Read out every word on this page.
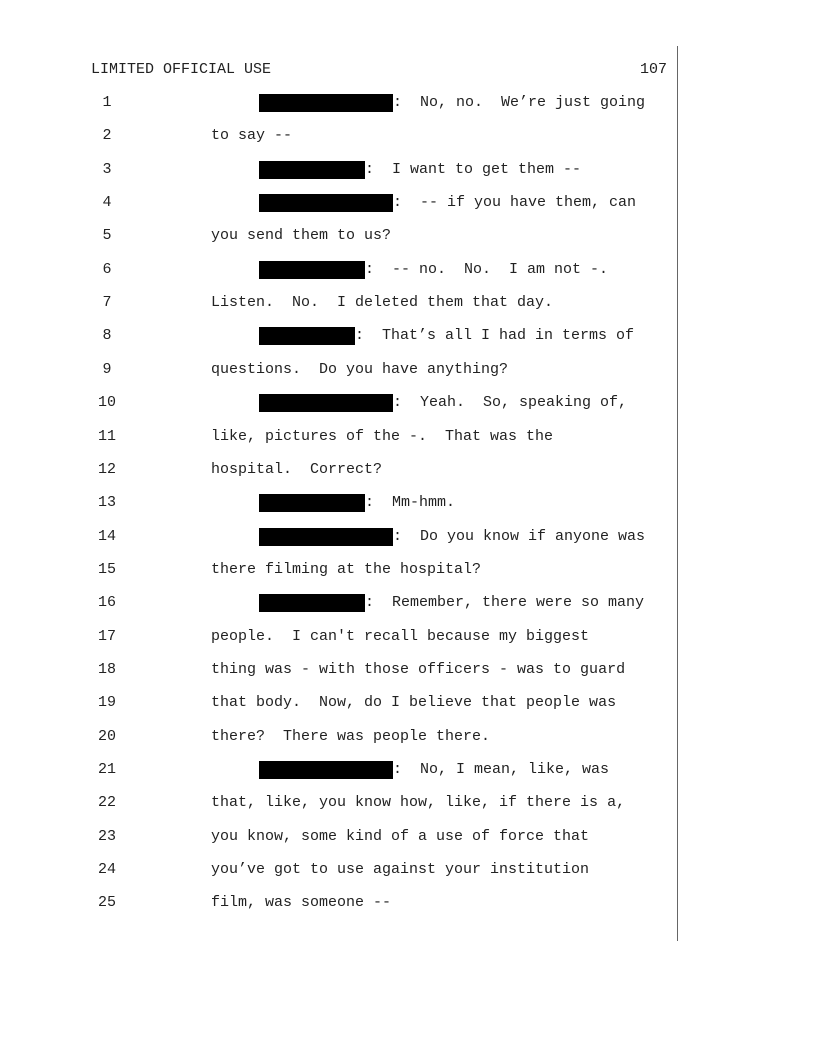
LIMITED OFFICIAL USE	107
1	:  No, no.  We’re just going
2	to say --
3	:  I want to get them --
4	:  -- if you have them, can
5	you send them to us?
6	:  -- no.  No.  I am not -.
7	Listen.  No.  I deleted them that day.
8	:  That’s all I had in terms of
9	questions.  Do you have anything?
10	:  Yeah.  So, speaking of,
11	like, pictures of the -.  That was the
12	hospital.  Correct?
13	:  Mm-hmm.
14	:  Do you know if anyone was
15	there filming at the hospital?
16	:  Remember, there were so many
17	people.  I can't recall because my biggest
18	thing was - with those officers - was to guard
19	that body.  Now, do I believe that people was
20	there?  There was people there.
21	:  No, I mean, like, was
22	that, like, you know how, like, if there is a,
23	you know, some kind of a use of force that
24	you’ve got to use against your institution
25	film, was someone --
